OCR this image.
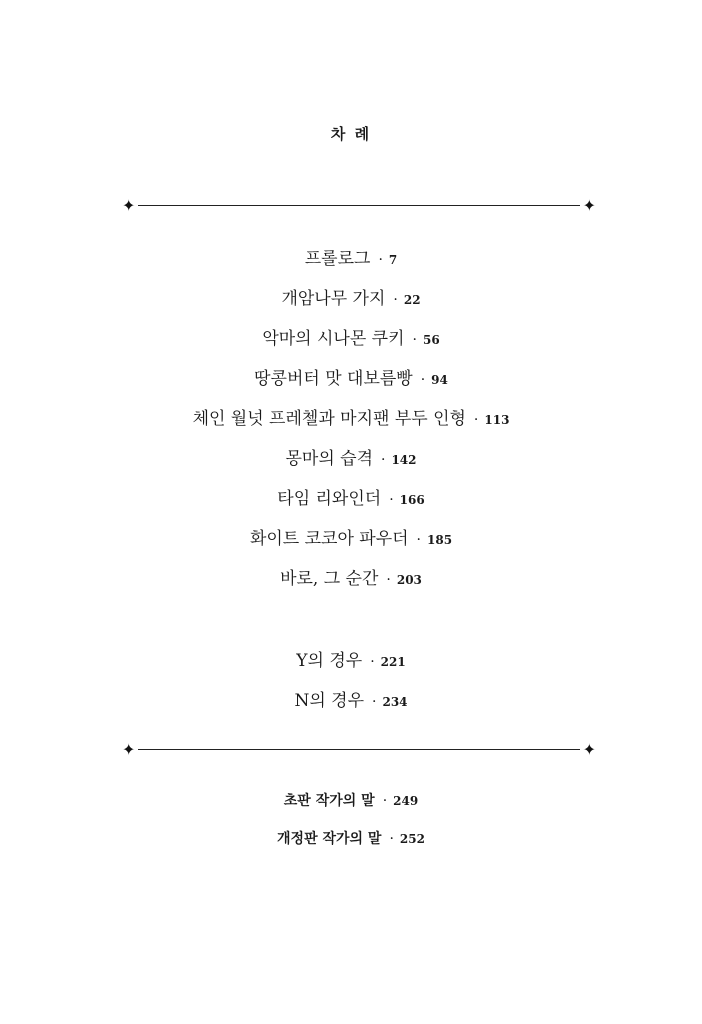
차 례
✦	✦
프롤로그 · 7
개암나무 가지 · 22
악마의 시나몬 쿠키 · 56
땅콩버터 맛 대보름빵 · 94
체인 월넛 프레첼과 마지팬 부두 인형 · 113
몽마의 습격 · 142
타임 리와인더 · 166
화이트 코코아 파우더 · 185
바로, 그 순간 · 203
Y의 경우 · 221
N의 경우 · 234
✦	✦
초판 작가의 말 · 249
개정판 작가의 말 · 252
